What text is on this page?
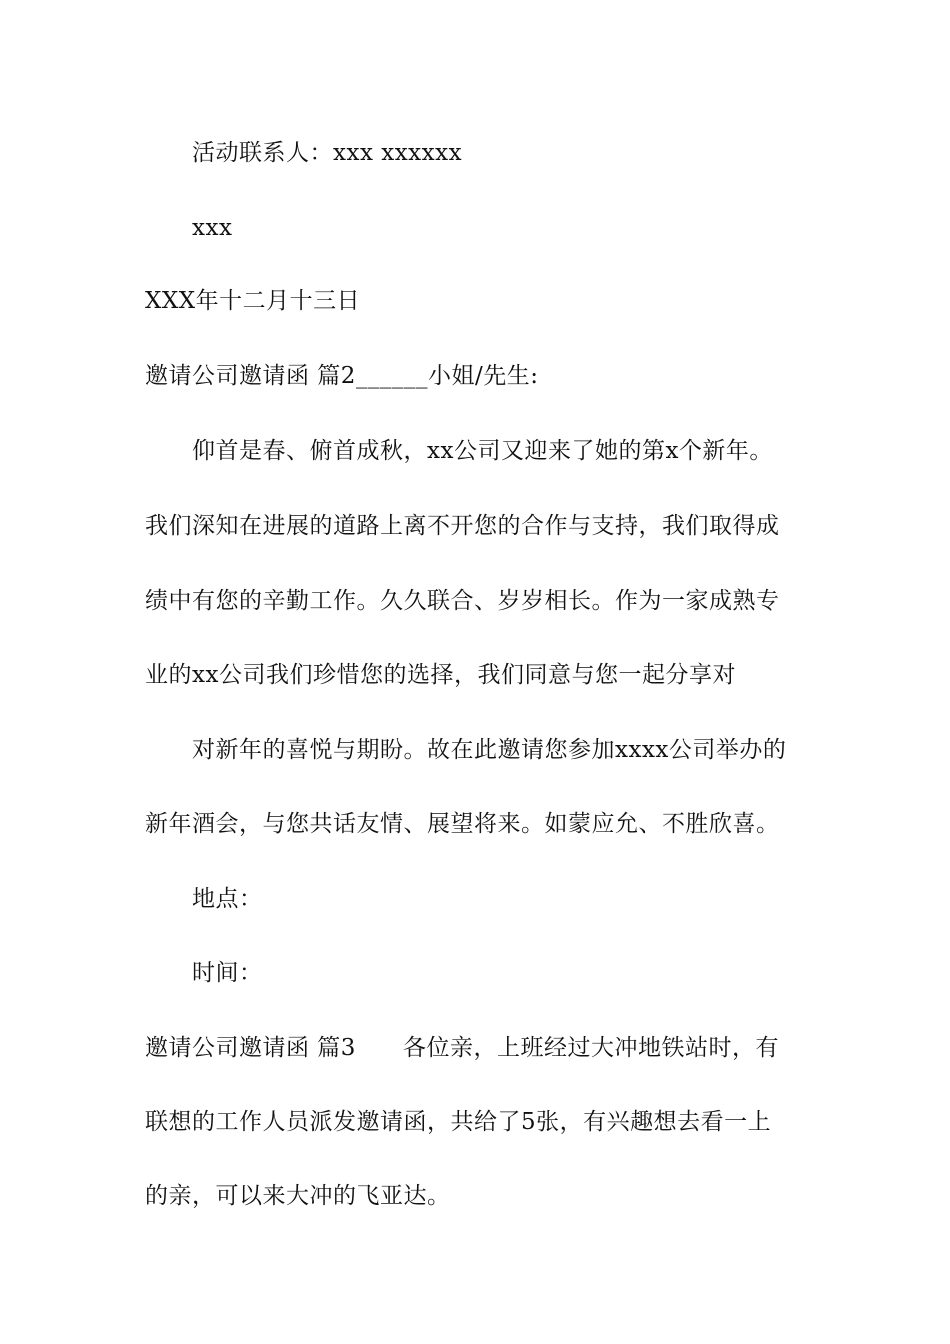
活动联系人：xxx xxxxxx
xxx
XXX年十二月十三日
邀请公司邀请函 篇2______小姐/先生:
仰首是春、俯首成秋，xx公司又迎来了她的第x个新年。
我们深知在进展的道路上离不开您的合作与支持，我们取得成
绩中有您的辛勤工作。久久联合、岁岁相长。作为一家成熟专
业的xx公司我们珍惜您的选择，我们同意与您一起分享对
对新年的喜悦与期盼。故在此邀请您参加xxxx公司举办的
新年酒会，与您共话友情、展望将来。如蒙应允、不胜欣喜。
地点：
时间：
邀请公司邀请函 篇3　　各位亲，上班经过大冲地铁站时，有
联想的工作人员派发邀请函，共给了5张，有兴趣想去看一上
的亲，可以来大冲的飞亚达。
